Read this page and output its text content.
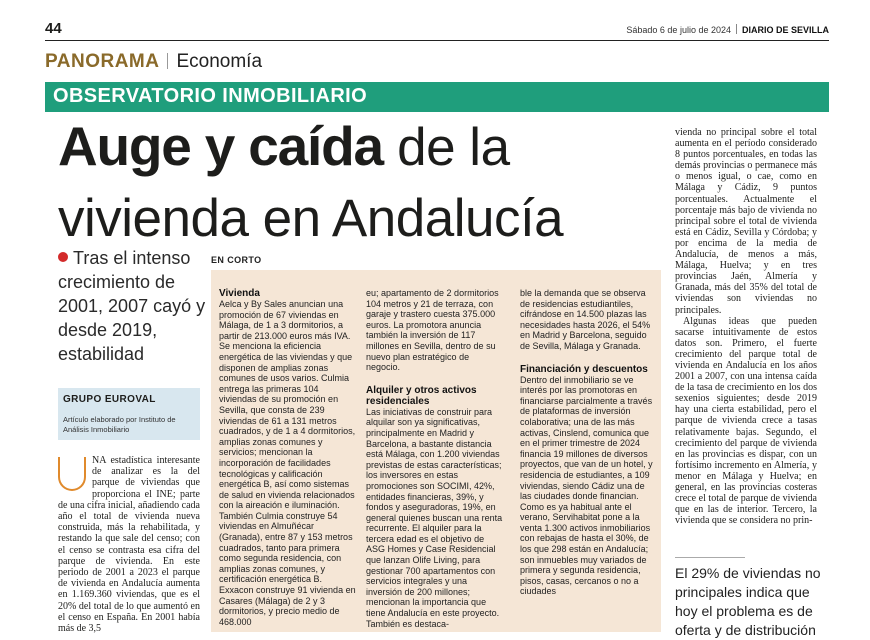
44	Sábado 6 de julio de 2024 DIARIO DE SEVILLA
PANORAMA Economía
OBSERVATORIO INMOBILIARIO
Auge y caída de la
vivienda en Andalucía
Tras el intenso crecimiento de 2001, 2007 cayó y desde 2019, estabilidad
GRUPO EUROVAL
Artículo elaborado por Instituto de Análisis Inmobiliario
NA estadística interesante de analizar es la del parque de viviendas que proporciona el INE; parte de una cifra inicial, añadiendo cada año el total de vivienda nueva construida, más la rehabilitada, y restando la que sale del censo; con el censo se contrasta esa cifra del parque de vivienda. En este periodo de 2001 a 2023 el parque de vivienda en Andalucía aumenta en 1.169.360 viviendas, que es el 20% del total de lo que aumentó en el censo en España. En 2001 había más de 3,5
EN CORTO
Vivienda

Aelca y By Sales anuncian una promoción de 67 viviendas en Málaga, de 1 a 3 dormitorios, a partir de 213.000 euros más IVA. Se menciona la eficiencia energética de las viviendas y que disponen de amplias zonas comunes de usos varios. Culmia entrega las primeras 104 viviendas de su promoción en Sevilla, que consta de 239 viviendas de 61 a 131 metros cuadrados, y de 1 a 4 dormitorios, amplias zonas comunes y servicios; mencionan la incorporación de facilidades tecnológicas y calificación energética B, así como sistemas de salud en vivienda relacionados con la aireación e iluminación. También Culmia construye 54 viviendas en Almuñécar (Granada), entre 87 y 153 metros cuadrados, tanto para primera como segunda residencia, con amplias zonas comunes, y certificación energética B. Exxacon construye 91 vivienda en Casares (Málaga) de 2 y 3 dormitorios, y precio medio de 468.000

eu; apartamento de 2 dormitorios 104 metros y 21 de terraza, con garaje y trastero cuesta 375.000 euros. La promotora anuncia también la inversión de 117 millones en Sevilla, dentro de su nuevo plan estratégico de negocio.

Alquiler y otros activos residenciales

Las iniciativas de construir para alquilar son ya significativas, principalmente en Madrid y Barcelona, a bastante distancia está Málaga, con 1.200 viviendas previstas de estas características; los inversores en estas promociones son SOCIMI, 42%, entidades financieras, 39%, y fondos y aseguradoras, 19%, en general quienes buscan una renta recurrente. El alquiler para la tercera edad es el objetivo de ASG Homes y Case Residencial que lanzan Olife Living, para gestionar 700 apartamentos con servicios integrales y una inversión de 200 millones; mencionan la importancia que tiene Andalucía en este proyecto. También es destaca-

ble la demanda que se observa de residencias estudiantiles, cifrándose en 14.500 plazas las necesidades hasta 2026, el 54% en Madrid y Barcelona, seguido de Sevilla, Málaga y Granada.

Financiación y descuentos

Dentro del inmobiliario se ve interés por las promotoras en financiarse parcialmente a través de plataformas de inversión colaborativa; una de las más activas, Cinslend, comunica que en el primer trimestre de 2024 financia 19 millones de diversos proyectos, que van de un hotel, y residencia de estudiantes, a 109 viviendas, siendo Cádiz una de las ciudades donde financian. Como es ya habitual ante el verano, Servihabitat pone a la venta 1.300 activos inmobiliarios con rebajas de hasta el 30%, de los que 298 están en Andalucía; son inmuebles muy variados de primera y segunda residencia, pisos, casas, cercanos o no a ciudades

vienda no principal sobre el total aumenta en el período considerado 8 puntos porcentuales, en todas las demás provincias o permanece más o menos igual, o cae, como en Málaga y Cádiz, 9 puntos porcentuales. Actualmente el porcentaje más bajo de vivienda no principal sobre el total de vivienda está en Cádiz, Sevilla y Córdoba; y por encima de la media de Andalucía, de menos a más, Málaga, Huelva; y en tres provincias Jaén, Almería y Granada, más del 35% del total de viviendas son viviendas no principales.

Algunas ideas que pueden sacarse intuitivamente de estos datos son. Primero, el fuerte crecimiento del parque total de vivienda en Andalucía en los años 2001 a 2007, con una intensa caída de la tasa de crecimiento en los dos sexenios siguientes; desde 2019 hay una cierta estabilidad, pero el parque de vivienda crece a tasas relativamente bajas. Segundo, el crecimiento del parque de vivienda en las provincias es dispar, con un fortísimo incremento en Almería, y menor en Málaga y Huelva; en general, en las provincias costeras crece el total de parque de vivienda que en las de interior. Tercero, la vivienda que se considera no prin-

El 29% de viviendas no principales indica que hoy el problema es de oferta y de distribución
